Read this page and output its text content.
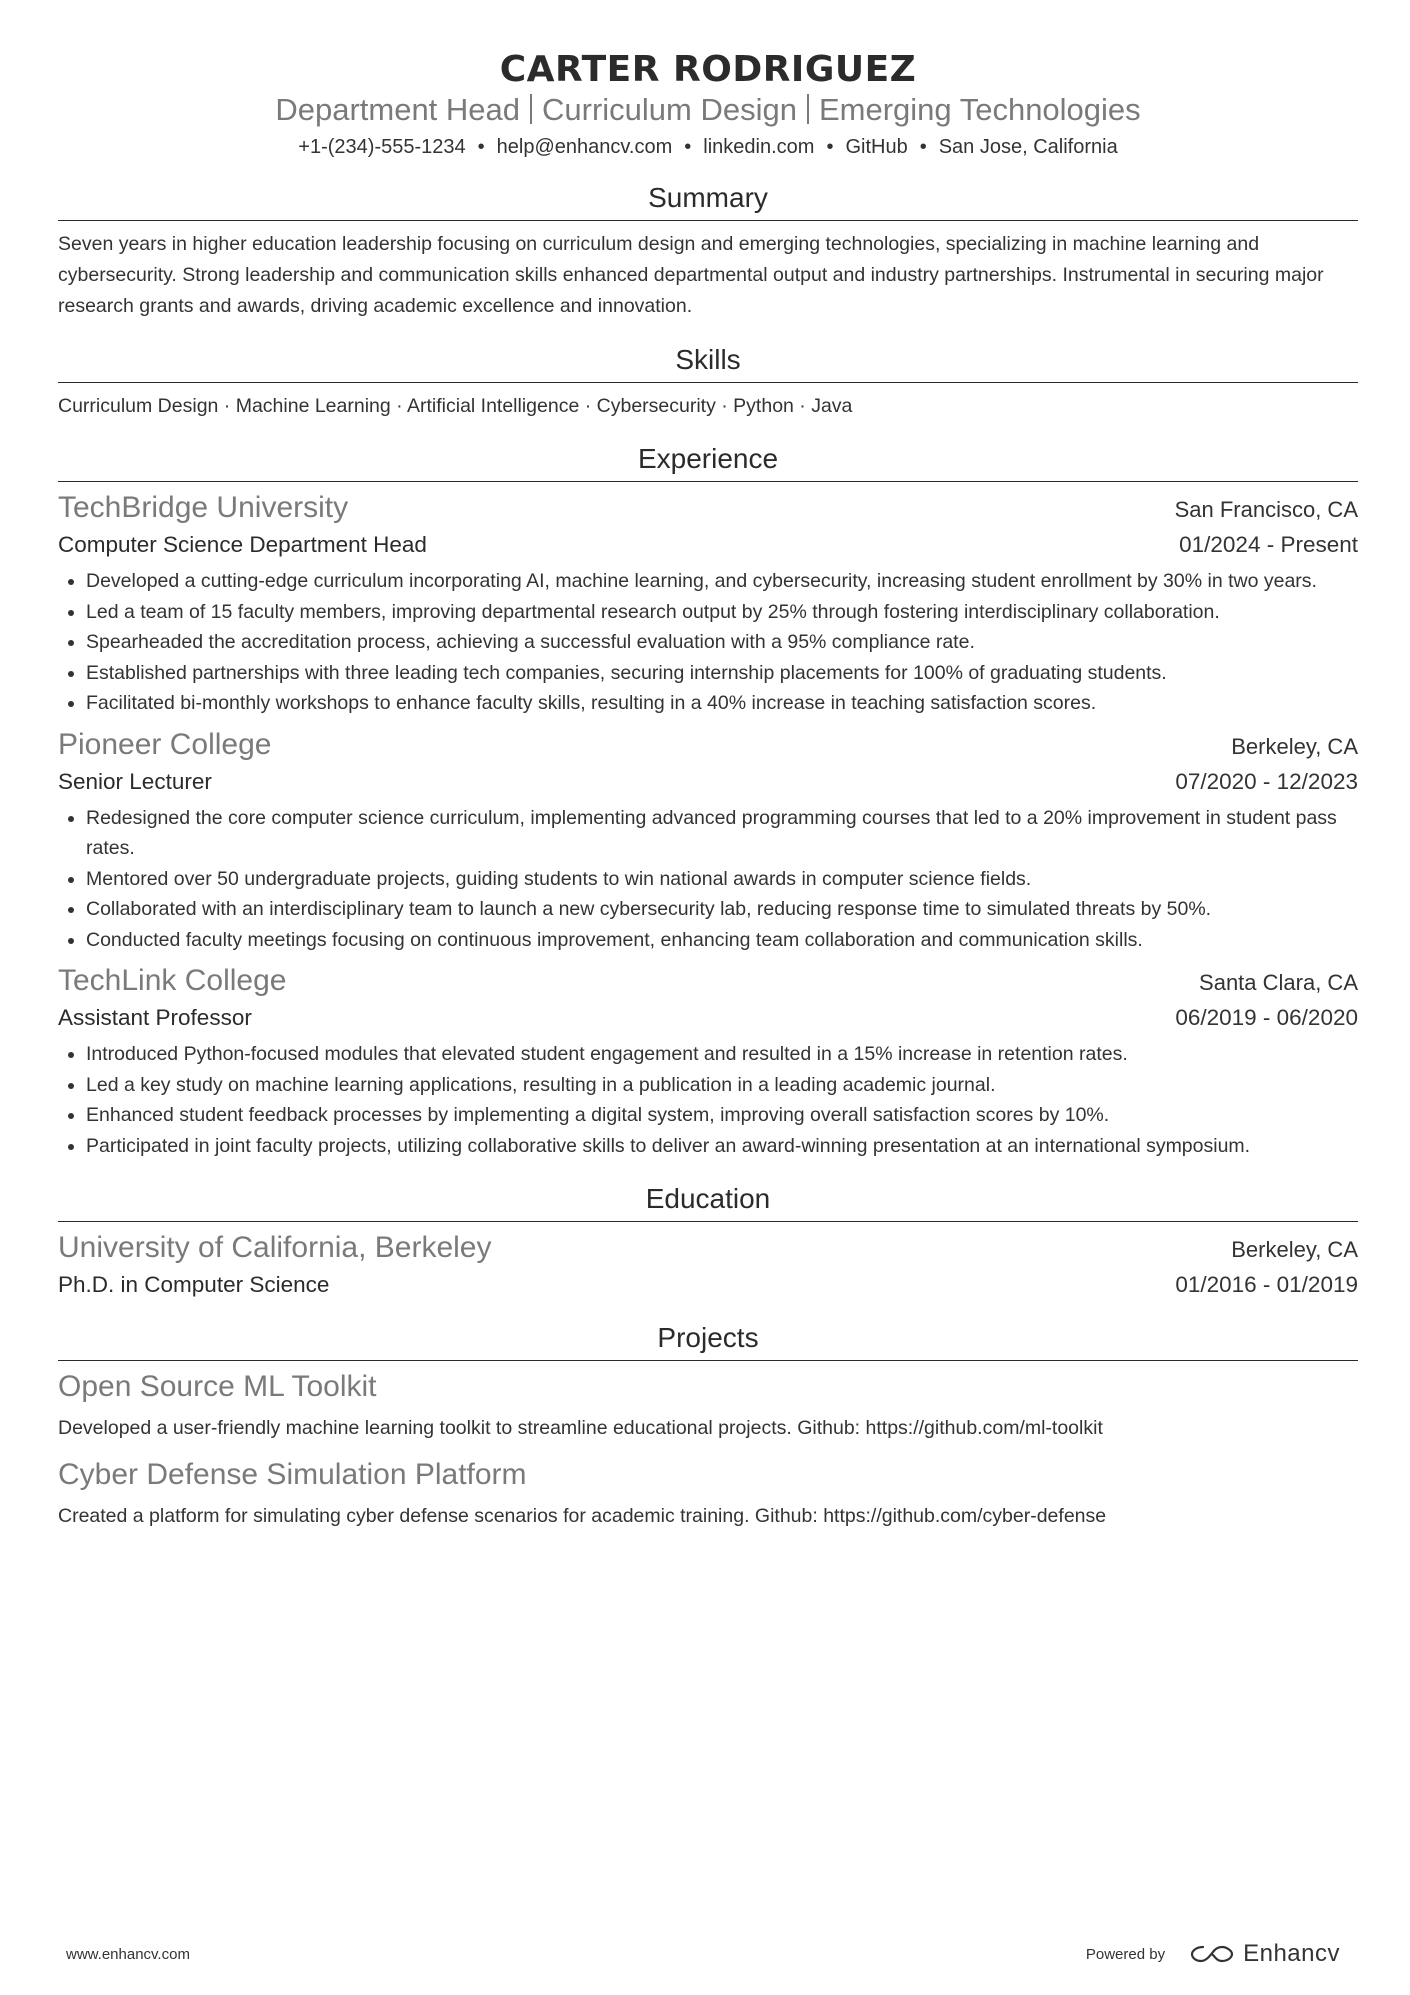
CARTER RODRIGUEZ
Department Head Curriculum Design Emerging Technologies
+1-(234)-555-1234 • help@enhancv.com • linkedin.com • GitHub • San Jose, California
Summary
Seven years in higher education leadership focusing on curriculum design and emerging technologies, specializing in machine learning and cybersecurity. Strong leadership and communication skills enhanced departmental output and industry partnerships. Instrumental in securing major research grants and awards, driving academic excellence and innovation.
Skills
Curriculum Design · Machine Learning · Artificial Intelligence · Cybersecurity · Python · Java
Experience
TechBridge University	San Francisco, CA
Computer Science Department Head	01/2024 - Present
• Developed a cutting-edge curriculum incorporating AI, machine learning, and cybersecurity, increasing student enrollment by 30% in two years.
• Led a team of 15 faculty members, improving departmental research output by 25% through fostering interdisciplinary collaboration.
• Spearheaded the accreditation process, achieving a successful evaluation with a 95% compliance rate.
• Established partnerships with three leading tech companies, securing internship placements for 100% of graduating students.
• Facilitated bi-monthly workshops to enhance faculty skills, resulting in a 40% increase in teaching satisfaction scores.
Pioneer College	Berkeley, CA
Senior Lecturer	07/2020 - 12/2023
• Redesigned the core computer science curriculum, implementing advanced programming courses that led to a 20% improvement in student pass rates.
• Mentored over 50 undergraduate projects, guiding students to win national awards in computer science fields.
• Collaborated with an interdisciplinary team to launch a new cybersecurity lab, reducing response time to simulated threats by 50%.
• Conducted faculty meetings focusing on continuous improvement, enhancing team collaboration and communication skills.
TechLink College	Santa Clara, CA
Assistant Professor	06/2019 - 06/2020
• Introduced Python-focused modules that elevated student engagement and resulted in a 15% increase in retention rates.
• Led a key study on machine learning applications, resulting in a publication in a leading academic journal.
• Enhanced student feedback processes by implementing a digital system, improving overall satisfaction scores by 10%.
• Participated in joint faculty projects, utilizing collaborative skills to deliver an award-winning presentation at an international symposium.
Education
University of California, Berkeley	Berkeley, CA
Ph.D. in Computer Science	01/2016 - 01/2019
Projects
Open Source ML Toolkit
Developed a user-friendly machine learning toolkit to streamline educational projects. Github: https://github.com/ml-toolkit
Cyber Defense Simulation Platform
Created a platform for simulating cyber defense scenarios for academic training. Github: https://github.com/cyber-defense
www.enhancv.com	Powered by	Enhancv
